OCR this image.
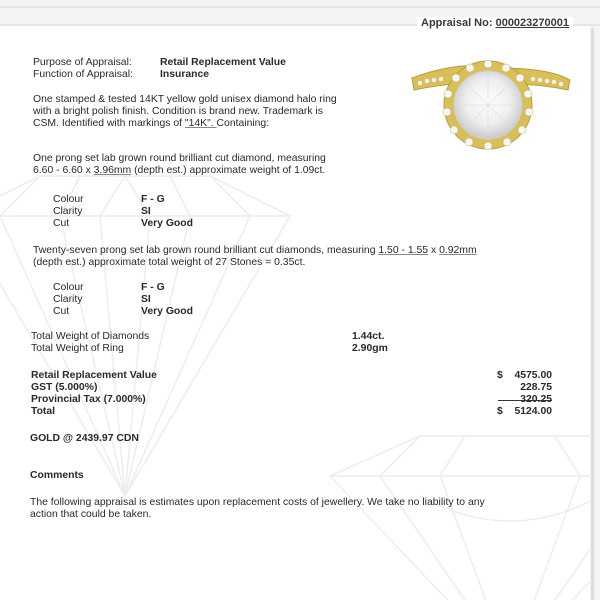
Appraisal No: 000023270001
Purpose of Appraisal:	Retail Replacement Value
Function of Appraisal:	Insurance
One stamped & tested 14KT yellow gold unisex diamond halo ring
with a bright polish finish. Condition is brand new. Trademark is
CSM. Identified with markings of "14K". Containing:
One prong set lab grown round brilliant cut diamond, measuring
6.60 - 6.60 x 3.96mm (depth est.) approximate weight of 1.09ct.
Colour	F - G
Clarity	SI
Cut	Very Good
Twenty-seven prong set lab grown round brilliant cut diamonds, measuring 1.50 - 1.55 x 0.92mm
(depth est.) approximate total weight of 27 Stones = 0.35ct.
Colour	F - G
Clarity	SI
Cut	Very Good
Total Weight of Diamonds	1.44ct.
Total Weight of Ring	2.90gm
Retail Replacement Value
GST (5.000%)
Provincial Tax (7.000%)
Total
$ 4575.00
228.75
$ 5124.00
GOLD @ 2439.97 CDN
Comments
The following appraisal is estimates upon replacement costs of jewellery. We take no liability to any
action that could be taken.
